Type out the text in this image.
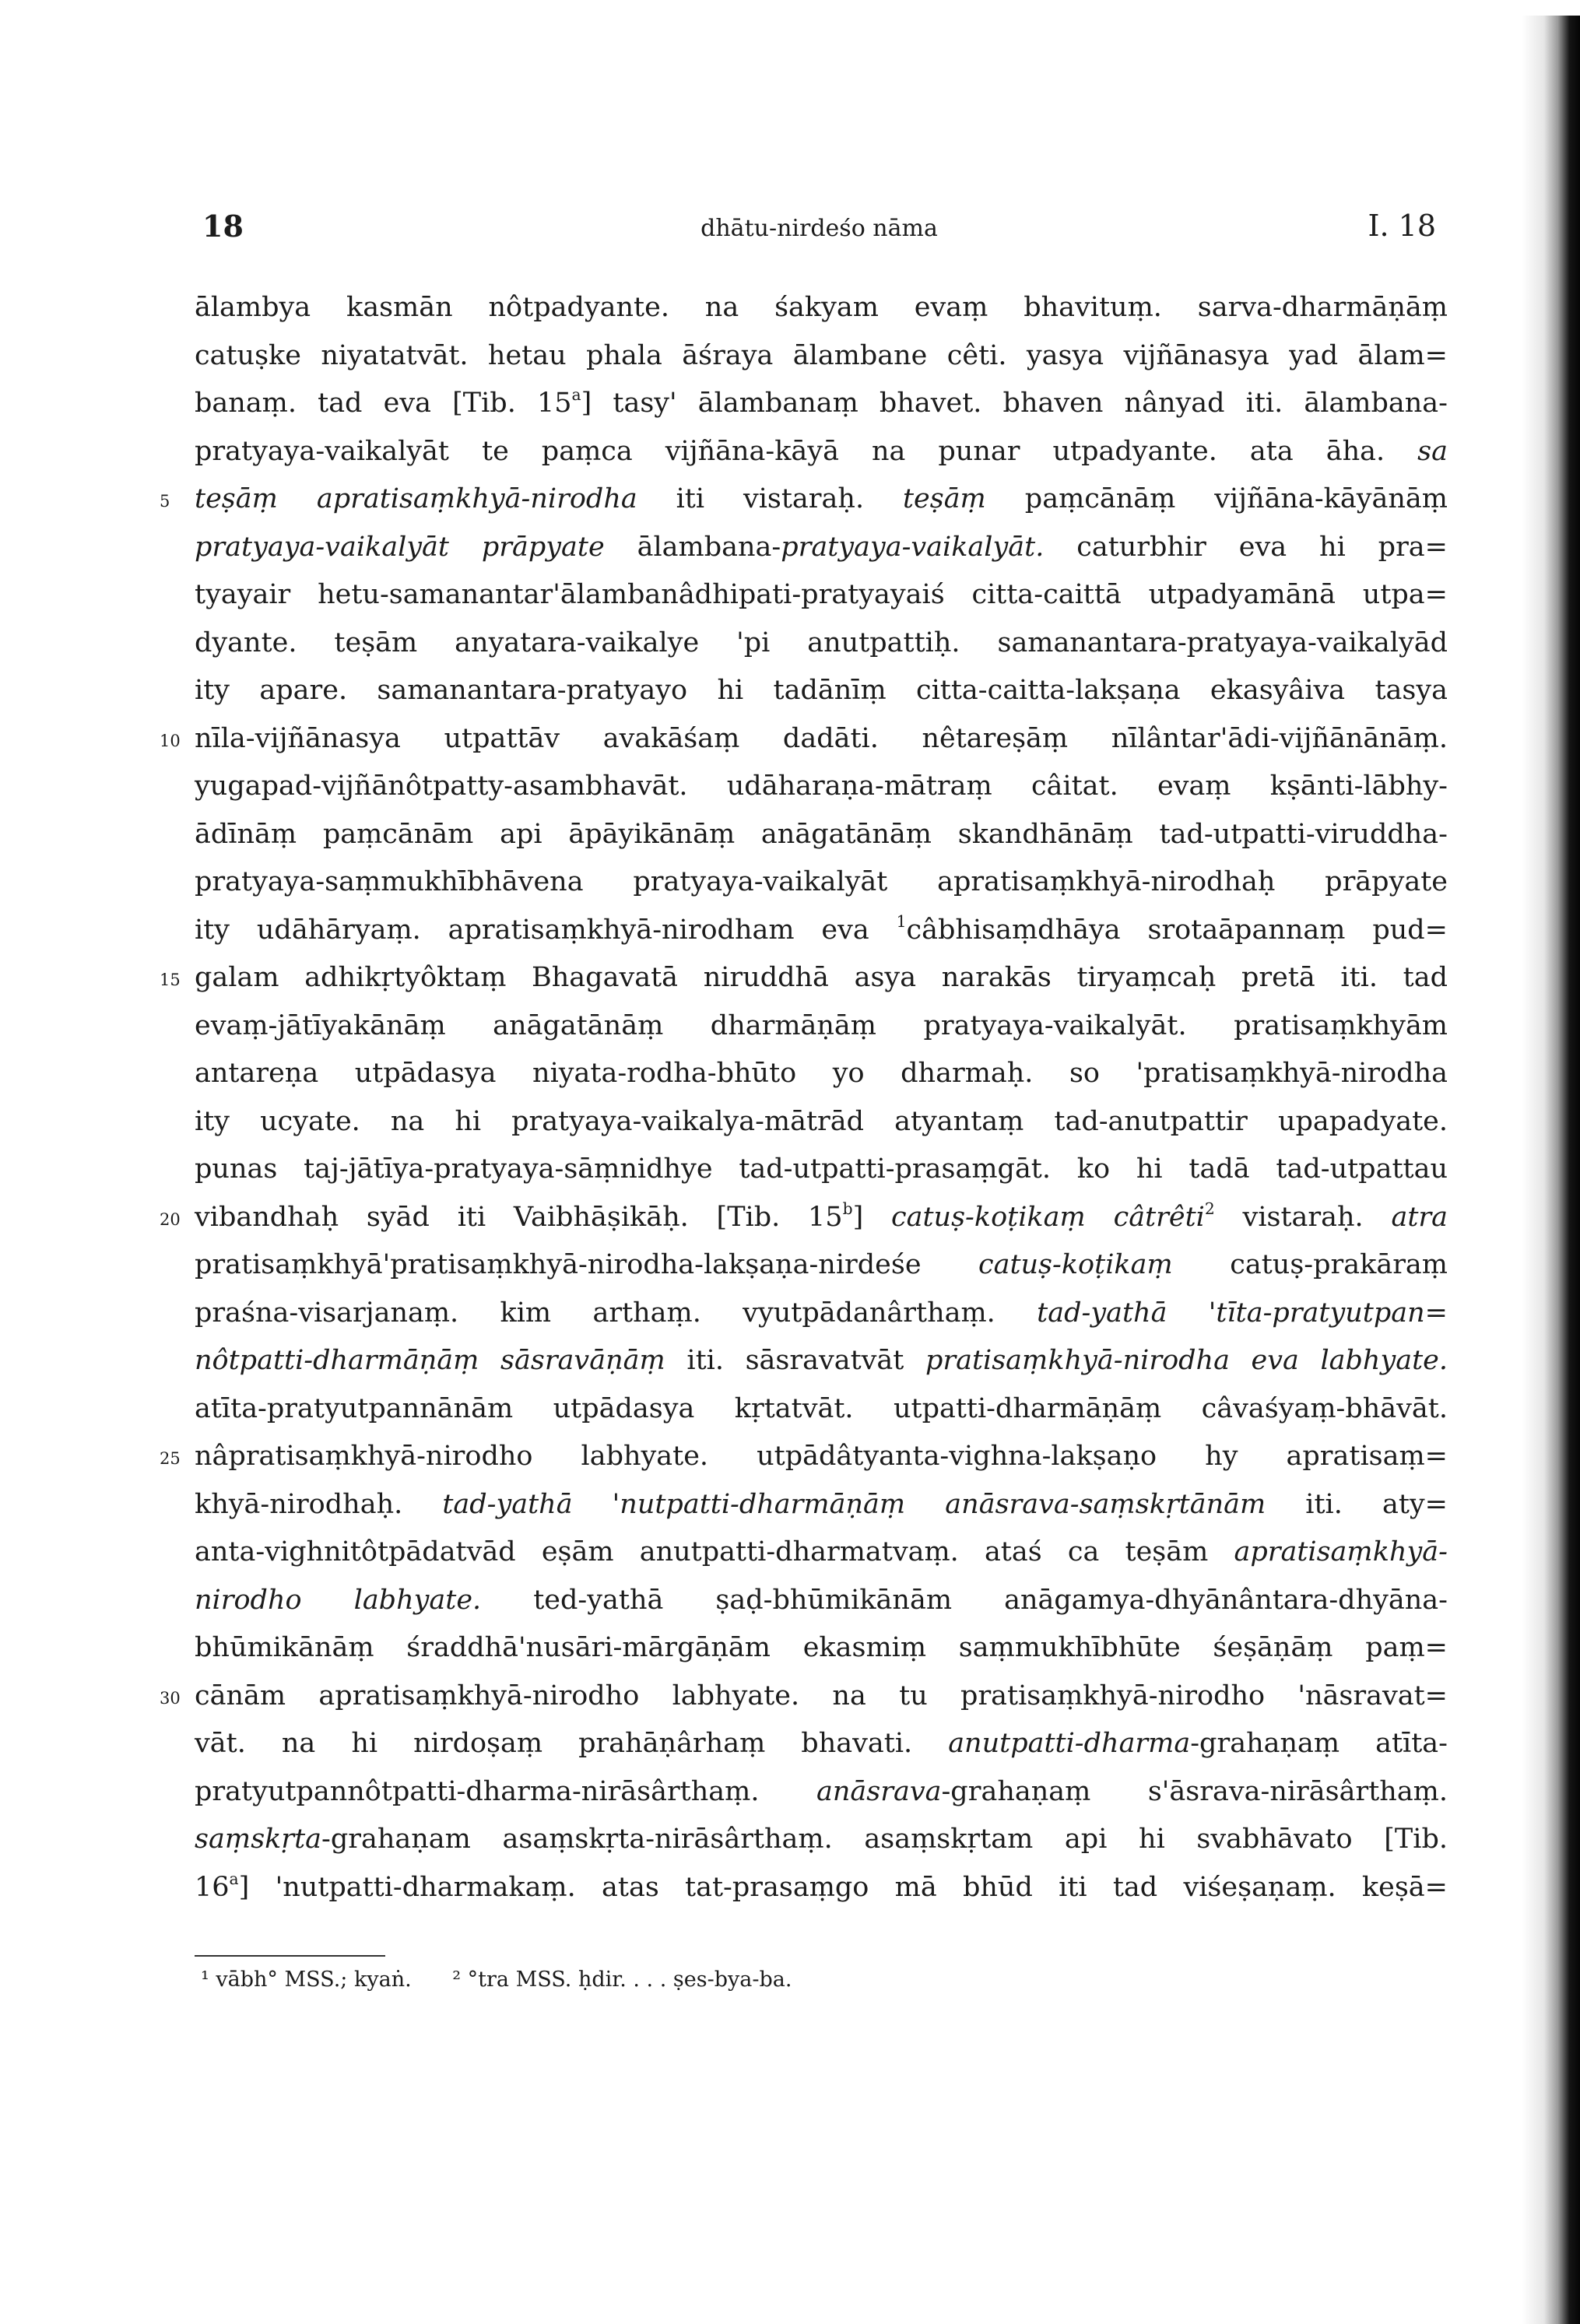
18	dhātu-nirdeśo nāma	I. 18
ālambya kasmān nôtpadyante. na śakyam evaṃ bhavituṃ. sarva-dharmāṇāṃ
catuṣke niyatatvāt. hetau phala āśraya ālambane cêti. yasya vijñānasya yad ālam=
banaṃ. tad eva [Tib. 15$^a$] tasy' ālambanaṃ bhavet. bhaven nânyad iti. ālambana-
pratyaya-vaikalyāt te paṃca vijñāna-kāyā na punar utpadyante. ata āha. sa
5 teṣāṃ apratisaṃkhyā-nirodha iti vistaraḥ. teṣāṃ paṃcānāṃ vijñāna-kāyānāṃ
pratyaya-vaikalyāt prāpyate ālambana-pratyaya-vaikalyāt. caturbhir eva hi pra=
tyayair hetu-samanantar'ālambanâdhipati-pratyayaiś citta-caittā utpadyamānā utpa=
dyante. teṣām anyatara-vaikalye 'pi anutpattiḥ. samanantara-pratyaya-vaikalyād
ity apare. samanantara-pratyayo hi tadānīṃ citta-caitta-lakṣaṇa ekasyâiva tasya
10 nīla-vijñānasya utpattāv avakāśaṃ dadāti. nêtareṣāṃ nīlântar'ādi-vijñānānāṃ.
yugapad-vijñānôtpatty-asambhavāt. udāharaṇa-mātraṃ câitat. evaṃ kṣānti-lābhy-
ādīnāṃ paṃcānām api āpāyikānāṃ anāgatānāṃ skandhānāṃ tad-utpatti-viruddha-
pratyaya-saṃmukhībhāvena pratyaya-vaikalyāt apratisaṃkhyā-nirodhaḥ prāpyate
ity udāhāryaṃ. apratisaṃkhyā-nirodham eva $^1$câbhisaṃdhāya srotaāpannaṃ pud=
15 galam adhikṛtyôktaṃ Bhagavatā niruddhā asya narakās tiryaṃcaḥ pretā iti. tad
evaṃ-jātīyakānāṃ anāgatānāṃ dharmāṇāṃ pratyaya-vaikalyāt. pratisaṃkhyām
antareṇa utpādasya niyata-rodha-bhūto yo dharmaḥ. so 'pratisaṃkhyā-nirodha
ity ucyate. na hi pratyaya-vaikalya-mātrād atyantaṃ tad-anutpattir upapadyate.
punas taj-jātīya-pratyaya-sāṃnidhye tad-utpatti-prasaṃgāt. ko hi tadā tad-utpattau
20 vibandhaḥ syād iti Vaibhāṣikāḥ. [Tib. 15$^b$] catuṣ-koṭikaṃ câtrêti$^2$ vistaraḥ. atra
pratisaṃkhyā'pratisaṃkhyā-nirodha-lakṣaṇa-nirdeśe catuṣ-koṭikaṃ catuṣ-prakāraṃ
praśna-visarjanaṃ. kim arthaṃ. vyutpādanârthaṃ. tad-yathā 'tīta-pratyutpan=
nôtpatti-dharmāṇāṃ sāsravāṇāṃ iti. sāsravatvāt pratisaṃkhyā-nirodha eva labhyate.
atīta-pratyutpannānām utpādasya kṛtatvāt. utpatti-dharmāṇāṃ câvaśyaṃ-bhāvāt.
25 nâpratisaṃkhyā-nirodho labhyate. utpādâtyanta-vighna-lakṣaṇo hy apratisaṃ=
khyā-nirodhaḥ. tad-yathā 'nutpatti-dharmāṇāṃ anāsrava-saṃskṛtānām iti. aty=
anta-vighnitôtpādatvād eṣām anutpatti-dharmatvaṃ. ataś ca teṣām apratisaṃkhyā-
nirodho labhyate. ted-yathā ṣaḍ-bhūmikānām anāgamya-dhyānântara-dhyāna-
bhūmikānāṃ śraddhā'nusāri-mārgāṇām ekasmiṃ saṃmukhībhūte śeṣāṇāṃ paṃ=
30 cānām apratisaṃkhyā-nirodho labhyate. na tu pratisaṃkhyā-nirodho 'nāsravat=
vāt. na hi nirdoṣaṃ prahāṇârhaṃ bhavati. anutpatti-dharma-grahaṇaṃ atīta-
pratyutpannôtpatti-dharma-nirāsârthaṃ. anāsrava-grahaṇaṃ s'āsrava-nirāsârthaṃ.
saṃskṛta-grahaṇam asaṃskṛta-nirāsârthaṃ. asaṃskṛtam api hi svabhāvato [Tib.
16$^a$] 'nutpatti-dharmakaṃ. atas tat-prasaṃgo mā bhūd iti tad viśeṣaṇaṃ. keṣā=
¹ vābh° MSS.; kyaṅ. ² °tra MSS. ḥdir. . . . ṣes-bya-ba.
